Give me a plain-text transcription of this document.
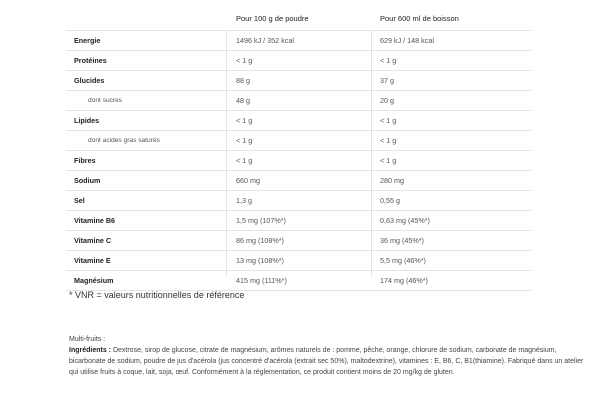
Pour 100 g de poudre	Pour 600 ml de boisson
Energie	1496 kJ / 352 kcal	629 kJ / 148 kcal
Protéines	< 1 g	< 1 g
Glucides	88 g	37 g
dont sucres	48 g	20 g
Lipides	< 1 g	< 1 g
dont acides gras saturés	< 1 g	< 1 g
Fibres	< 1 g	< 1 g
Sodium	660 mg	280 mg
Sel	1,3 g	0,55 g
Vitamine B6	1,5 mg (107%*)	0,63 mg (45%*)
Vitamine C	86 mg (108%*)	36 mg (45%*)
Vitamine E	13 mg (108%*)	5,5 mg (46%*)
Magnésium	415 mg (111%*)	174 mg (46%*)
* VNR = valeurs nutritionnelles de référence
Multi-fruits :
Ingrédients : Dextrose, sirop de glucose, citrate de magnésium, arômes naturels de : pomme, pêche, orange, chlorure de sodium, carbonate de magnésium, bicarbonate de sodium, poudre de jus d'acérola (jus concentré d'acérola (extrait sec 50%), maltodextrine), vitamines : E, B6, C, B1(thiamine). Fabriqué dans un atelier qui utilise fruits à coque, lait, soja, œuf. Conformément à la réglementation, ce produit contient moins de 20 mg/kg de gluten.
